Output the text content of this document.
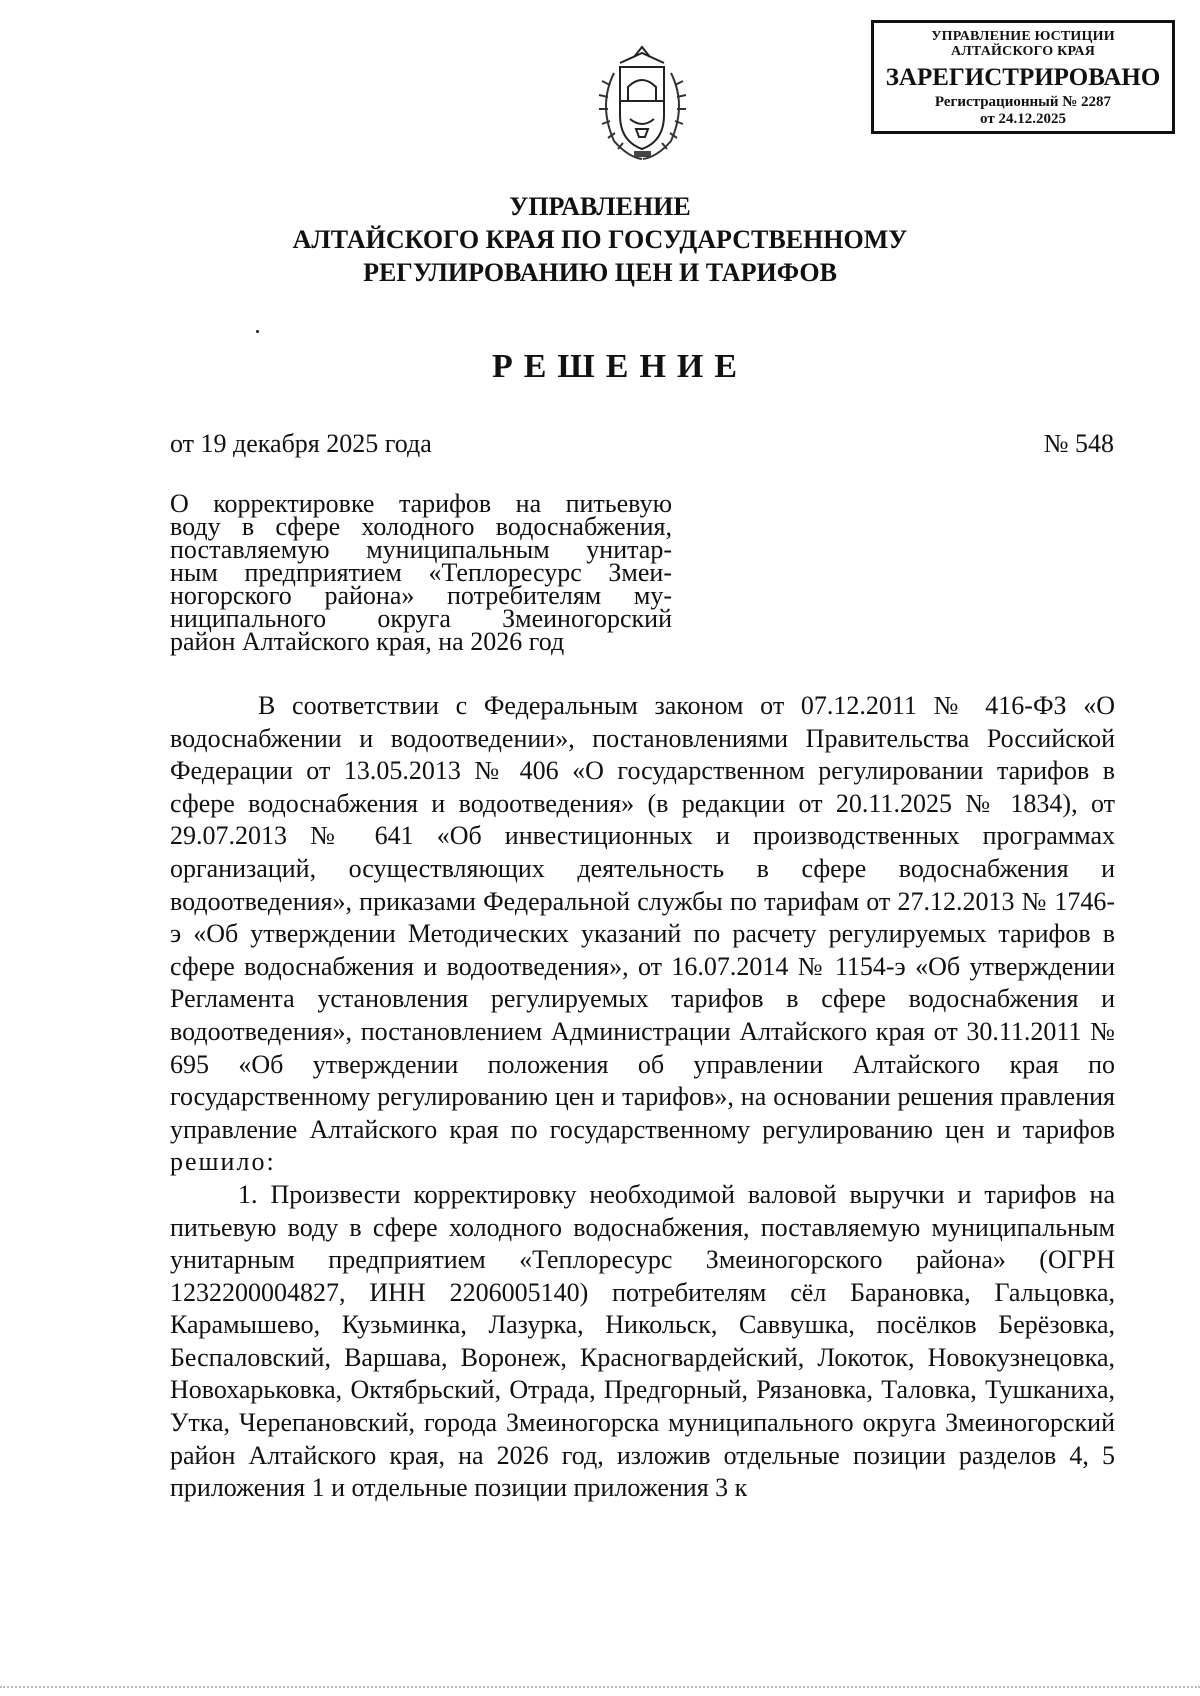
УПРАВЛЕНИЕ ЮСТИЦИИ
АЛТАЙСКОГО КРАЯ
ЗАРЕГИСТРИРОВАНО
Регистрационный № 2287
от 24.12.2025
УПРАВЛЕНИЕ
АЛТАЙСКОГО КРАЯ ПО ГОСУДАРСТВЕННОМУ
РЕГУЛИРОВАНИЮ ЦЕН И ТАРИФОВ
РЕШЕНИЕ
от 19 декабря 2025 года	№ 548
О корректировке тарифов на питьевую
воду в сфере холодного водоснабжения,
поставляемую муниципальным унитар-
ным предприятием «Теплоресурс Змеи-
ногорского района» потребителям му-
ниципального округа Змеиногорский
район Алтайского края, на 2026 год

В соответствии с Федеральным законом от 07.12.2011 № 416-ФЗ «О водоснабжении и водоотведении», постановлениями Правительства Российской Федерации от 13.05.2013 № 406 «О государственном регулировании тарифов в сфере водоснабжения и водоотведения» (в редакции от 20.11.2025 № 1834), от 29.07.2013 № 641 «Об инвестиционных и производственных программах организаций, осуществляющих деятельность в сфере водоснабжения и водоотведения», приказами Федеральной службы по тарифам от 27.12.2013 № 1746-э «Об утверждении Методических указаний по расчету регулируемых тарифов в сфере водоснабжения и водоотведения», от 16.07.2014 № 1154-э «Об утверждении Регламента установления регулируемых тарифов в сфере водоснабжения и водоотведения», постановлением Администрации Алтайского края от 30.11.2011 № 695 «Об утверждении положения об управлении Алтайского края по государственному регулированию цен и тарифов», на основании решения правления управление Алтайского края по государственному регулированию цен и тарифов решило:

1. Произвести корректировку необходимой валовой выручки и тарифов на питьевую воду в сфере холодного водоснабжения, поставляемую муниципальным унитарным предприятием «Теплоресурс Змеиногорского района» (ОГРН 1232200004827, ИНН 2206005140) потребителям сёл Барановка, Гальцовка, Карамышево, Кузьминка, Лазурка, Никольск, Саввушка, посёлков Берёзовка, Беспаловский, Варшава, Воронеж, Красногвардейский, Локоток, Новокузнецовка, Новохарьковка, Октябрьский, Отрада, Предгорный, Рязановка, Таловка, Тушканиха, Утка, Черепановский, города Змеиногорска муниципального округа Змеиногорский район Алтайского края, на 2026 год, изложив отдельные позиции разделов 4, 5 приложения 1 и отдельные позиции приложения 3 к
